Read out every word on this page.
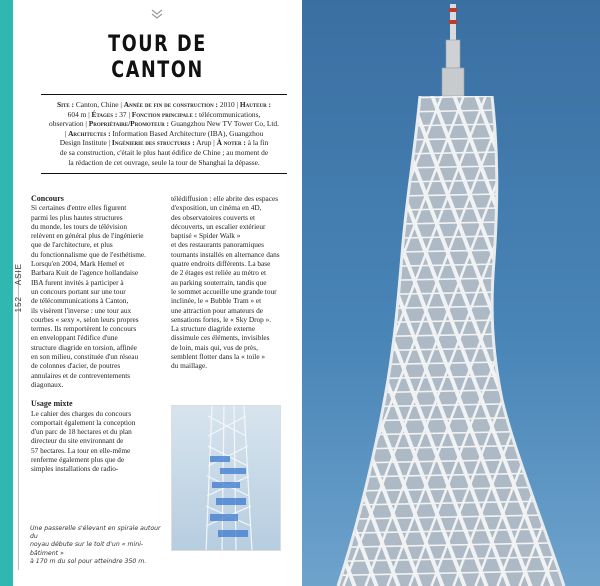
TOUR DE
CANTON
Site : Canton, Chine | Année de fin de construction : 2010 | Hauteur :
604 m | Étages : 37 | Fonction principale : télécommunications,
observation | Propriétaire/Promoteur : Guangzhou New TV Tower Co, Ltd.
| Architectes : Information Based Architecture (IBA), Guangzhou
Design Institute | Ingénierie des structures : Arup | À noter : à la fin
de sa construction, c'était le plus haut édifice de Chine ; au moment de
la rédaction de cet ouvrage, seule la tour de Shanghai la dépasse.
Concours
Si certaines d'entre elles figurent
parmi les plus hautes structures
du monde, les tours de télévision
relèvent en général plus de l'ingénierie
que de l'architecture, et plus
du fonctionnalisme que de l'esthétisme.
Lorsqu'en 2004, Mark Hemel et
Barbara Kuit de l'agence hollandaise
IBA furent invités à participer à
un concours portant sur une tour
de télécommunications à Canton,
ils visèrent l'inverse : une tour aux
courbes « sexy », selon leurs propres
termes. Ils remportèrent le concours
en enveloppant l'édifice d'une
structure diagride en torsion, affinée
en son milieu, constituée d'un réseau
de colonnes d'acier, de poutres
annulaires et de contreventements
diagonaux.
Usage mixte
Le cahier des charges du concours
comportait également la conception
d'un parc de 18 hectares et du plan
directeur du site environnant de
57 hectares. La tour en elle-même
renferme également plus que de
simples installations de radio-
télédiffusion : elle abrite des espaces
d'exposition, un cinéma en 4D,
des observatoires couverts et
découverts, un escalier extérieur
baptisé « Spider Walk »
et des restaurants panoramiques
tournants installés en alternance dans
quatre endroits différents. La base
de 2 étages est reliée au métro et
au parking souterrain, tandis que
le sommet accueille une grande tour
inclinée, le « Bubble Tram » et
une attraction pour amateurs de
sensations fortes, le « Sky Drop ».
La structure diagride externe
dissimule ces éléments, invisibles
de loin, mais qui, vus de près,
semblent flotter dans la « toile »
du maillage.
Une passerelle s'élevant en spirale autour du
noyau débute sur le toit d'un « mini-bâtiment »
à 170 m du sol pour atteindre 350 m.
ASIE
152
